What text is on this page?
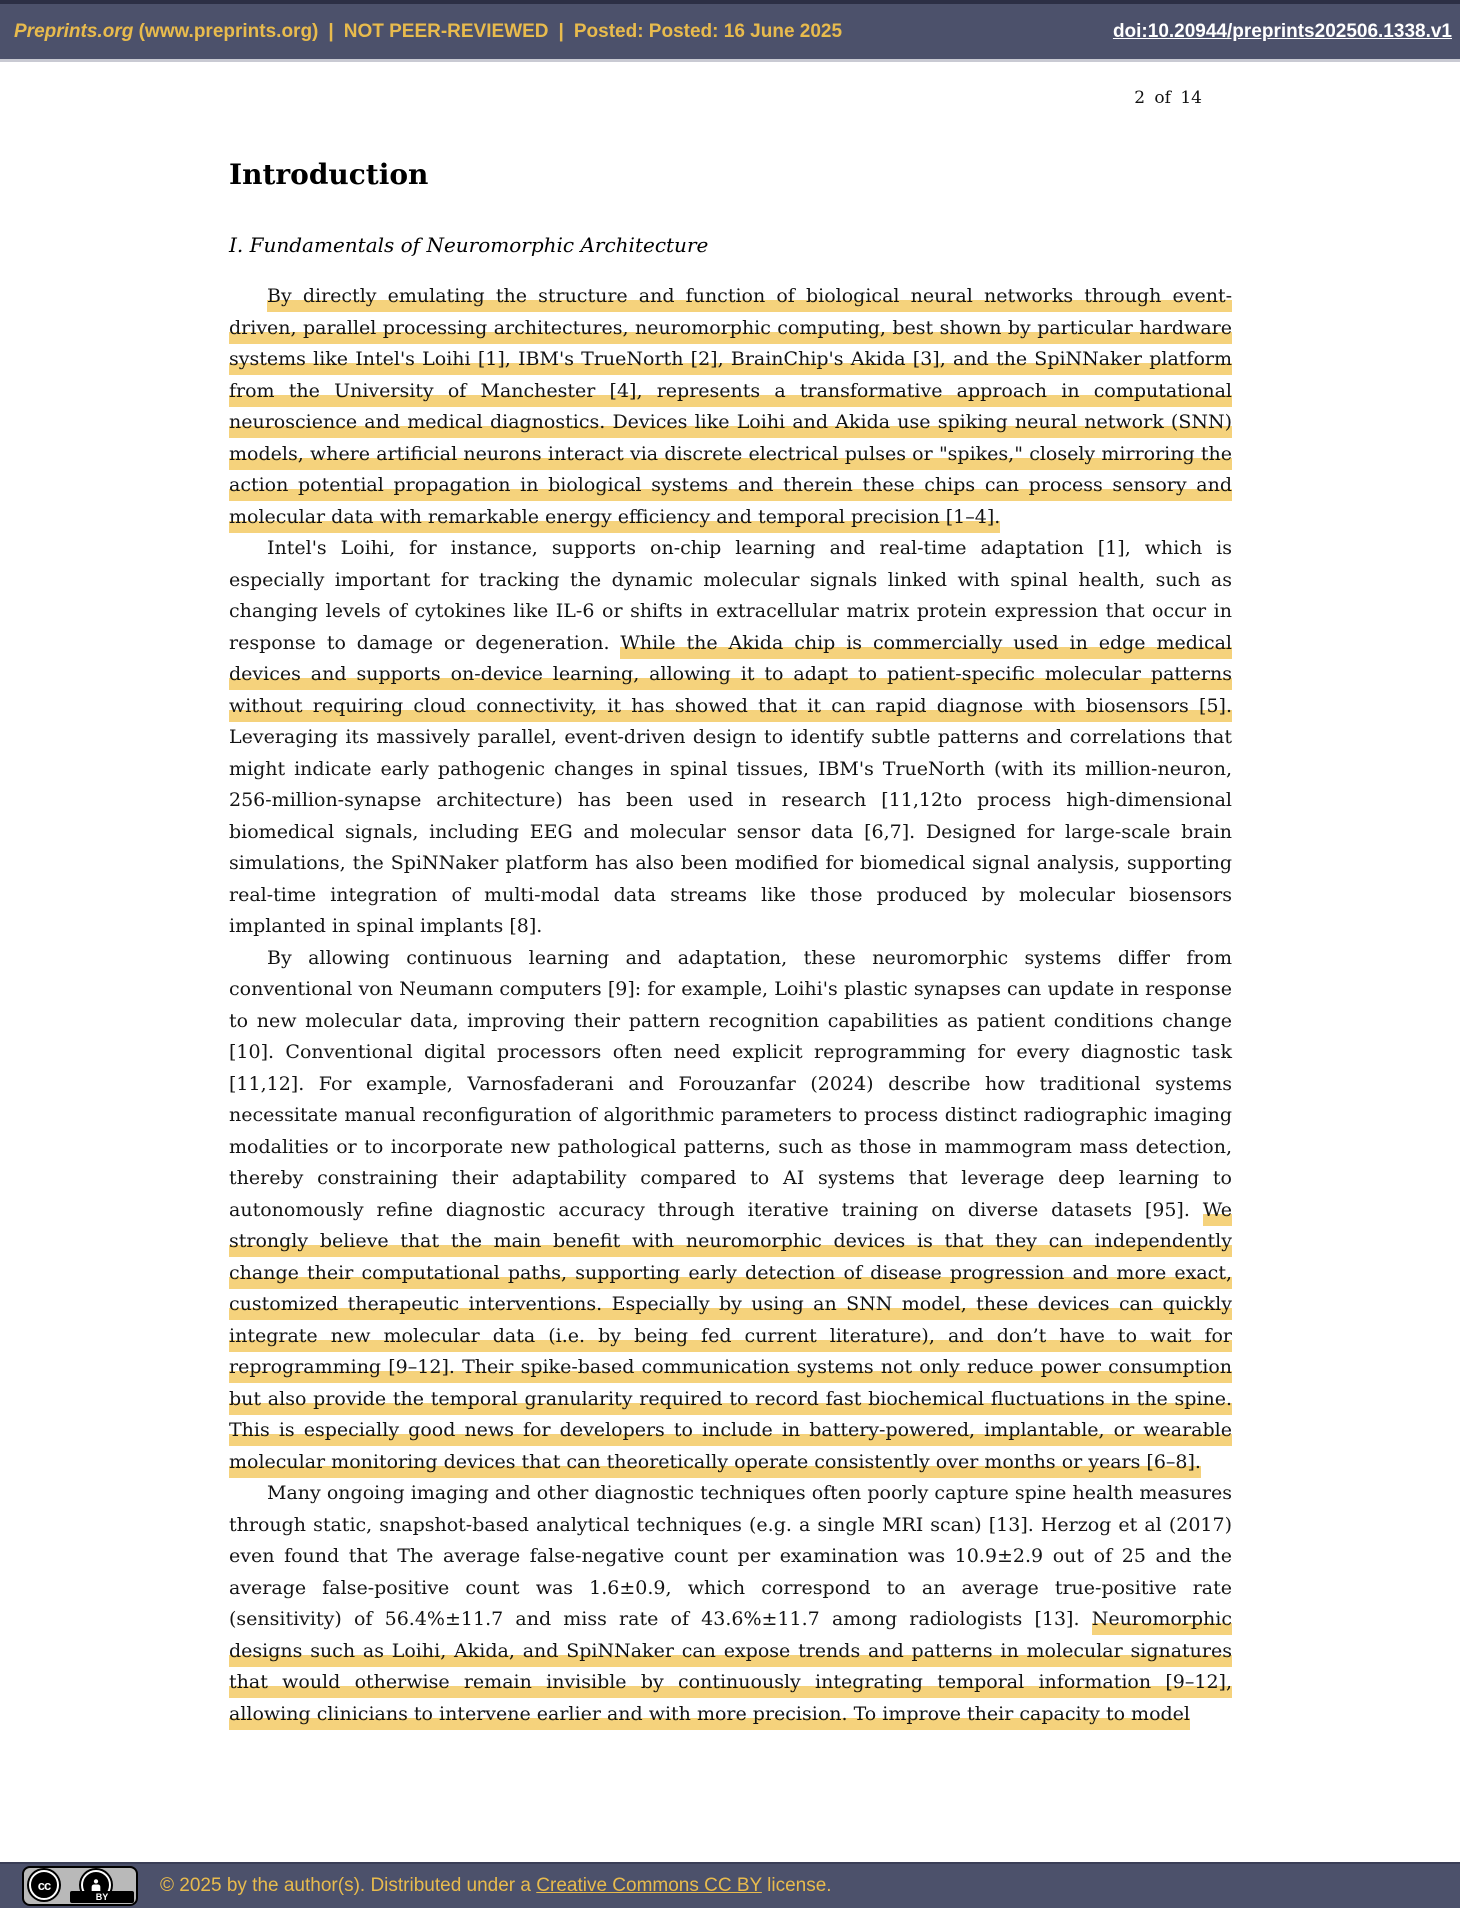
Preprints.org (www.preprints.org) | NOT PEER-REVIEWED | Posted: Posted: 16 June 2025	doi:10.20944/preprints202506.1338.v1
2 of 14
Introduction
I. Fundamentals of Neuromorphic Architecture

By directly emulating the structure and function of biological neural networks through event-driven, parallel processing architectures, neuromorphic computing, best shown by particular hardware systems like Intel's Loihi [1], IBM's TrueNorth [2], BrainChip's Akida [3], and the SpiNNaker platform from the University of Manchester [4], represents a transformative approach in computational neuroscience and medical diagnostics. Devices like Loihi and Akida use spiking neural network (SNN) models, where artificial neurons interact via discrete electrical pulses or "spikes," closely mirroring the action potential propagation in biological systems and therein these chips can process sensory and molecular data with remarkable energy efficiency and temporal precision [1–4].

Intel's Loihi, for instance, supports on-chip learning and real-time adaptation [1], which is especially important for tracking the dynamic molecular signals linked with spinal health, such as changing levels of cytokines like IL-6 or shifts in extracellular matrix protein expression that occur in response to damage or degeneration. While the Akida chip is commercially used in edge medical devices and supports on-device learning, allowing it to adapt to patient-specific molecular patterns without requiring cloud connectivity, it has showed that it can rapid diagnose with biosensors [5]. Leveraging its massively parallel, event-driven design to identify subtle patterns and correlations that might indicate early pathogenic changes in spinal tissues, IBM's TrueNorth (with its million-neuron, 256-million-synapse architecture) has been used in research [11,12to process high-dimensional biomedical signals, including EEG and molecular sensor data [6,7]. Designed for large-scale brain simulations, the SpiNNaker platform has also been modified for biomedical signal analysis, supporting real-time integration of multi-modal data streams like those produced by molecular biosensors implanted in spinal implants [8].

By allowing continuous learning and adaptation, these neuromorphic systems differ from conventional von Neumann computers [9]: for example, Loihi's plastic synapses can update in response to new molecular data, improving their pattern recognition capabilities as patient conditions change [10]. Conventional digital processors often need explicit reprogramming for every diagnostic task [11,12]. For example, Varnosfaderani and Forouzanfar (2024) describe how traditional systems necessitate manual reconfiguration of algorithmic parameters to process distinct radiographic imaging modalities or to incorporate new pathological patterns, such as those in mammogram mass detection, thereby constraining their adaptability compared to AI systems that leverage deep learning to autonomously refine diagnostic accuracy through iterative training on diverse datasets [95]. We strongly believe that the main benefit with neuromorphic devices is that they can independently change their computational paths, supporting early detection of disease progression and more exact, customized therapeutic interventions. Especially by using an SNN model, these devices can quickly integrate new molecular data (i.e. by being fed current literature), and don’t have to wait for reprogramming [9–12]. Their spike-based communication systems not only reduce power consumption but also provide the temporal granularity required to record fast biochemical fluctuations in the spine. This is especially good news for developers to include in battery-powered, implantable, or wearable molecular monitoring devices that can theoretically operate consistently over months or years [6–8].

Many ongoing imaging and other diagnostic techniques often poorly capture spine health measures through static, snapshot-based analytical techniques (e.g. a single MRI scan) [13]. Herzog et al (2017) even found that The average false-negative count per examination was 10.9±2.9 out of 25 and the average false-positive count was 1.6±0.9, which correspond to an average true-positive rate (sensitivity) of 56.4%±11.7 and miss rate of 43.6%±11.7 among radiologists [13]. Neuromorphic designs such as Loihi, Akida, and SpiNNaker can expose trends and patterns in molecular signatures that would otherwise remain invisible by continuously integrating temporal information [9–12], allowing clinicians to intervene earlier and with more precision. To improve their capacity to model

cc
BY
© 2025 by the author(s). Distributed under a Creative Commons CC BY license.
